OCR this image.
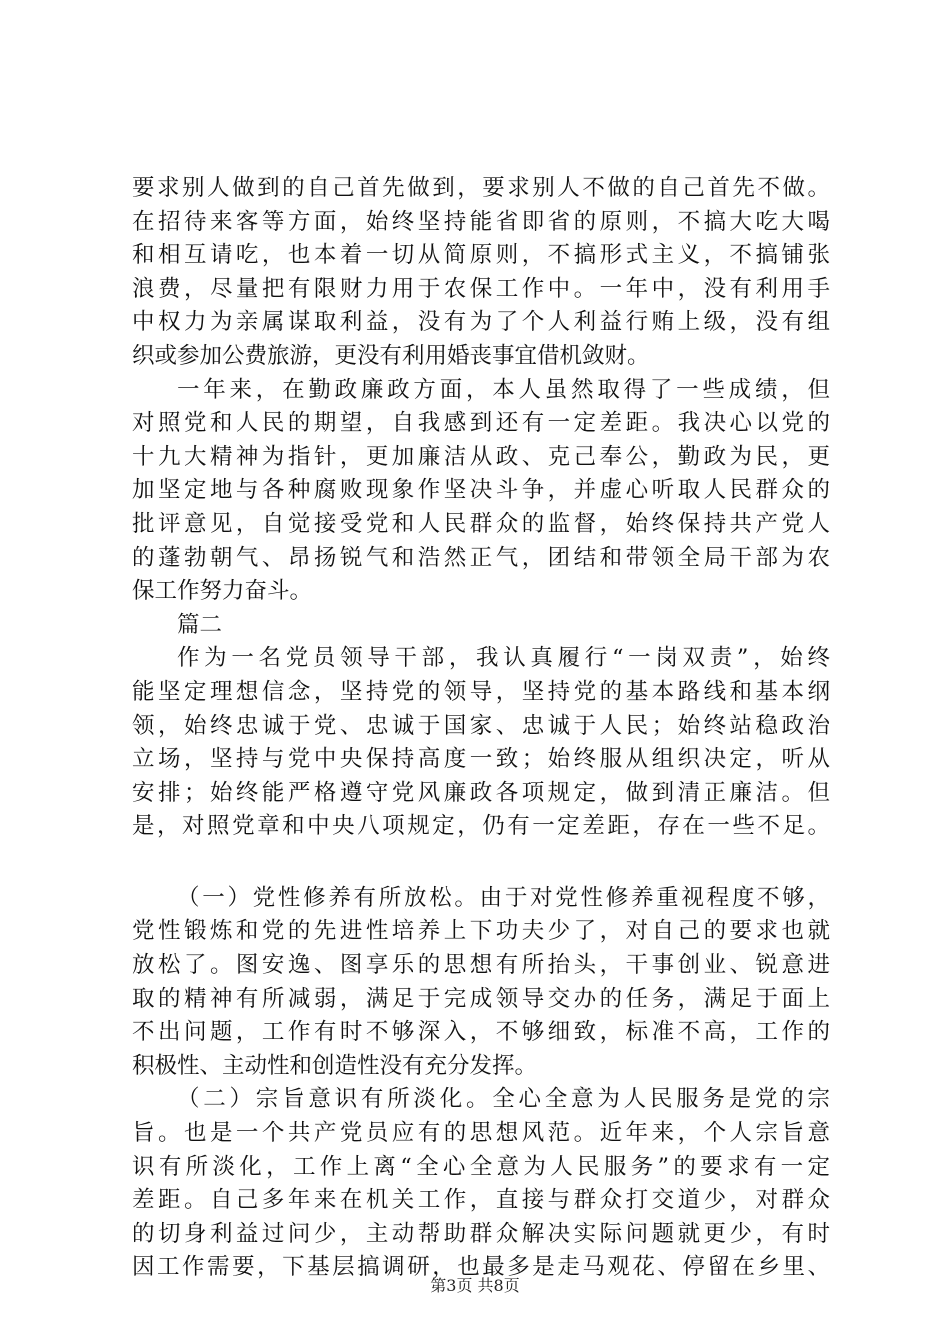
要求别人做到的自己首先做到，要求别人不做的自己首先不做。
在招待来客等方面，始终坚持能省即省的原则，不搞大吃大喝
和相互请吃，也本着一切从简原则，不搞形式主义，不搞铺张
浪费，尽量把有限财力用于农保工作中。一年中，没有利用手
中权力为亲属谋取利益，没有为了个人利益行贿上级，没有组
织或参加公费旅游，更没有利用婚丧事宜借机敛财。
一年来，在勤政廉政方面，本人虽然取得了一些成绩，但
对照党和人民的期望，自我感到还有一定差距。我决心以党的
十九大精神为指针，更加廉洁从政、克己奉公，勤政为民，更
加坚定地与各种腐败现象作坚决斗争，并虚心听取人民群众的
批评意见，自觉接受党和人民群众的监督，始终保持共产党人
的蓬勃朝气、昂扬锐气和浩然正气，团结和带领全局干部为农
保工作努力奋斗。
篇二
作为一名党员领导干部，我认真履行“一岗双责”，始终
能坚定理想信念，坚持党的领导，坚持党的基本路线和基本纲
领，始终忠诚于党、忠诚于国家、忠诚于人民；始终站稳政治
立场，坚持与党中央保持高度一致；始终服从组织决定，听从
安排；始终能严格遵守党风廉政各项规定，做到清正廉洁。但
是，对照党章和中央八项规定，仍有一定差距，存在一些不足。
（一）党性修养有所放松。由于对党性修养重视程度不够，
党性锻炼和党的先进性培养上下功夫少了，对自己的要求也就
放松了。图安逸、图享乐的思想有所抬头，干事创业、锐意进
取的精神有所减弱，满足于完成领导交办的任务，满足于面上
不出问题，工作有时不够深入，不够细致，标准不高，工作的
积极性、主动性和创造性没有充分发挥。
（二）宗旨意识有所淡化。全心全意为人民服务是党的宗
旨。也是一个共产党员应有的思想风范。近年来，个人宗旨意
识有所淡化，工作上离“全心全意为人民服务”的要求有一定
差距。自己多年来在机关工作，直接与群众打交道少，对群众
的切身利益过问少，主动帮助群众解决实际问题就更少，有时
因工作需要，下基层搞调研，也最多是走马观花、停留在乡里、
第3页 共8页
